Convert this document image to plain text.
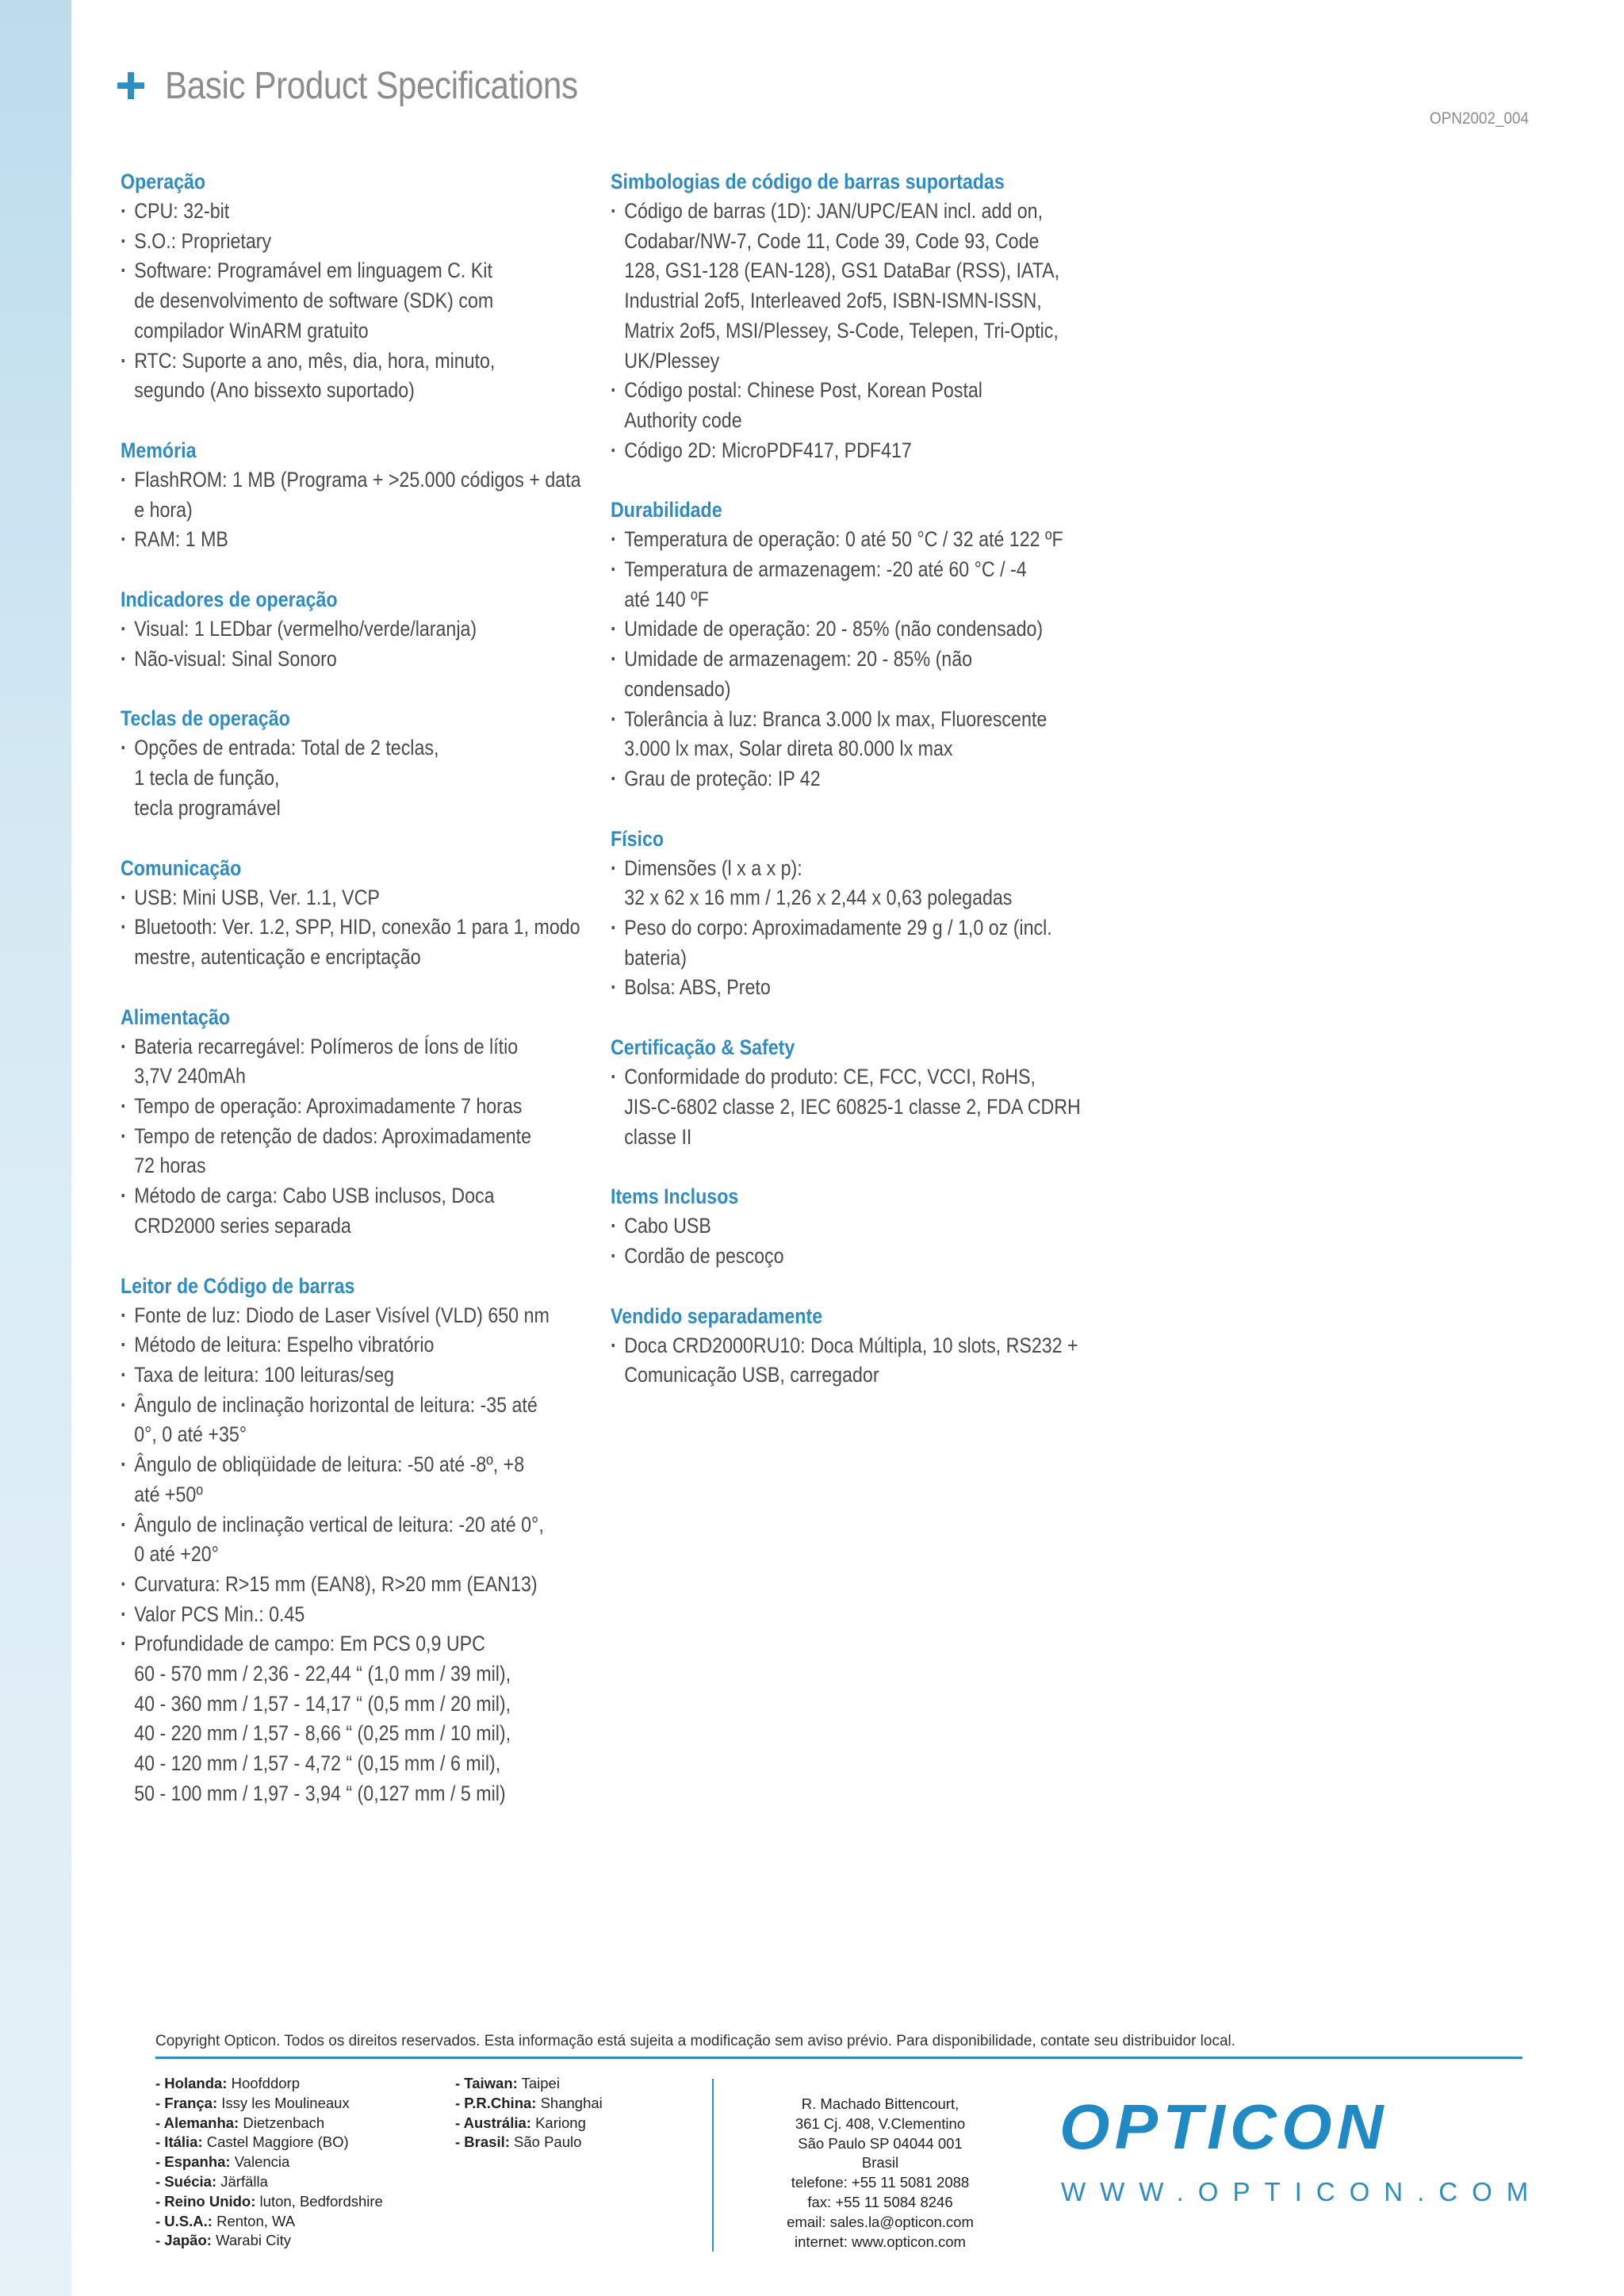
Basic Product Specifications
OPN2002_004
Operação
· CPU: 32-bit
· S.O.: Proprietary
· Software: Programável em linguagem C. Kit
de desenvolvimento de software (SDK) com
compilador WinARM gratuito
· RTC: Suporte a ano, mês, dia, hora, minuto,
segundo (Ano bissexto suportado)
Memória
· FlashROM: 1 MB (Programa + >25.000 códigos + data
e hora)
· RAM: 1 MB
Indicadores de operação
· Visual: 1 LEDbar (vermelho/verde/laranja)
· Não-visual: Sinal Sonoro
Teclas de operação
· Opções de entrada: Total de 2 teclas,
1 tecla de função,
tecla programável
Comunicação
· USB: Mini USB, Ver. 1.1, VCP
· Bluetooth: Ver. 1.2, SPP, HID, conexão 1 para 1, modo
mestre, autenticação e encriptação
Alimentação
· Bateria recarregável: Polímeros de Íons de lítio
3,7V 240mAh
· Tempo de operação: Aproximadamente 7 horas
· Tempo de retenção de dados: Aproximadamente
72 horas
· Método de carga: Cabo USB inclusos, Doca
CRD2000 series separada
Leitor de Código de barras
· Fonte de luz: Diodo de Laser Visível (VLD) 650 nm
· Método de leitura: Espelho vibratório
· Taxa de leitura: 100 leituras/seg
· Ângulo de inclinação horizontal de leitura: -35 até
0°, 0 até +35°
· Ângulo de obliqüidade de leitura: -50 até -8º, +8
até +50º
· Ângulo de inclinação vertical de leitura: -20 até 0°,
0 até +20°
· Curvatura: R>15 mm (EAN8), R>20 mm (EAN13)
· Valor PCS Min.: 0.45
· Profundidade de campo: Em PCS 0,9 UPC
60 - 570 mm / 2,36 - 22,44 “ (1,0 mm / 39 mil),
40 - 360 mm / 1,57 - 14,17 “ (0,5 mm / 20 mil),
40 - 220 mm / 1,57 - 8,66 “ (0,25 mm / 10 mil),
40 - 120 mm / 1,57 - 4,72 “ (0,15 mm / 6 mil),
50 - 100 mm / 1,97 - 3,94 “ (0,127 mm / 5 mil)
Simbologias de código de barras suportadas
· Código de barras (1D): JAN/UPC/EAN incl. add on,
Codabar/NW-7, Code 11, Code 39, Code 93, Code
128, GS1-128 (EAN-128), GS1 DataBar (RSS), IATA,
Industrial 2of5, Interleaved 2of5, ISBN-ISMN-ISSN,
Matrix 2of5, MSI/Plessey, S-Code, Telepen, Tri-Optic,
UK/Plessey
· Código postal: Chinese Post, Korean Postal
Authority code
· Código 2D: MicroPDF417, PDF417
Durabilidade
· Temperatura de operação: 0 até 50 °C / 32 até 122 ºF
· Temperatura de armazenagem: -20 até 60 °C / -4
até 140 ºF
· Umidade de operação: 20 - 85% (não condensado)
· Umidade de armazenagem: 20 - 85% (não
condensado)
· Tolerância à luz: Branca 3.000 lx max, Fluorescente
3.000 lx max, Solar direta 80.000 lx max
· Grau de proteção: IP 42
Físico
· Dimensões (l x a x p):
32 x 62 x 16 mm / 1,26 x 2,44 x 0,63 polegadas
· Peso do corpo: Aproximadamente 29 g / 1,0 oz (incl.
bateria)
· Bolsa: ABS, Preto
Certificação & Safety
· Conformidade do produto: CE, FCC, VCCI, RoHS,
JIS-C-6802 classe 2, IEC 60825-1 classe 2, FDA CDRH
classe II
Items Inclusos
· Cabo USB
· Cordão de pescoço
Vendido separadamente
· Doca CRD2000RU10: Doca Múltipla, 10 slots, RS232 +
Comunicação USB, carregador
Copyright Opticon. Todos os direitos reservados. Esta informação está sujeita a modificação sem aviso prévio. Para disponibilidade, contate seu distribuidor local.
- Holanda: Hoofddorp
- França: Issy les Moulineaux
- Alemanha: Dietzenbach
- Itália: Castel Maggiore (BO)
- Espanha: Valencia
- Suécia: Järfälla
- Reino Unido: luton, Bedfordshire
- U.S.A.: Renton, WA
- Japão: Warabi City
- Taiwan: Taipei
- P.R.China: Shanghai
- Austrália: Kariong
- Brasil: São Paulo
R. Machado Bittencourt,
361 Cj. 408, V.Clementino
São Paulo SP 04044 001
Brasil
telefone: +55 11 5081 2088
fax: +55 11 5084 8246
email: sales.la@opticon.com
internet: www.opticon.com
OPTICON
WWW.OPTICON.COM
